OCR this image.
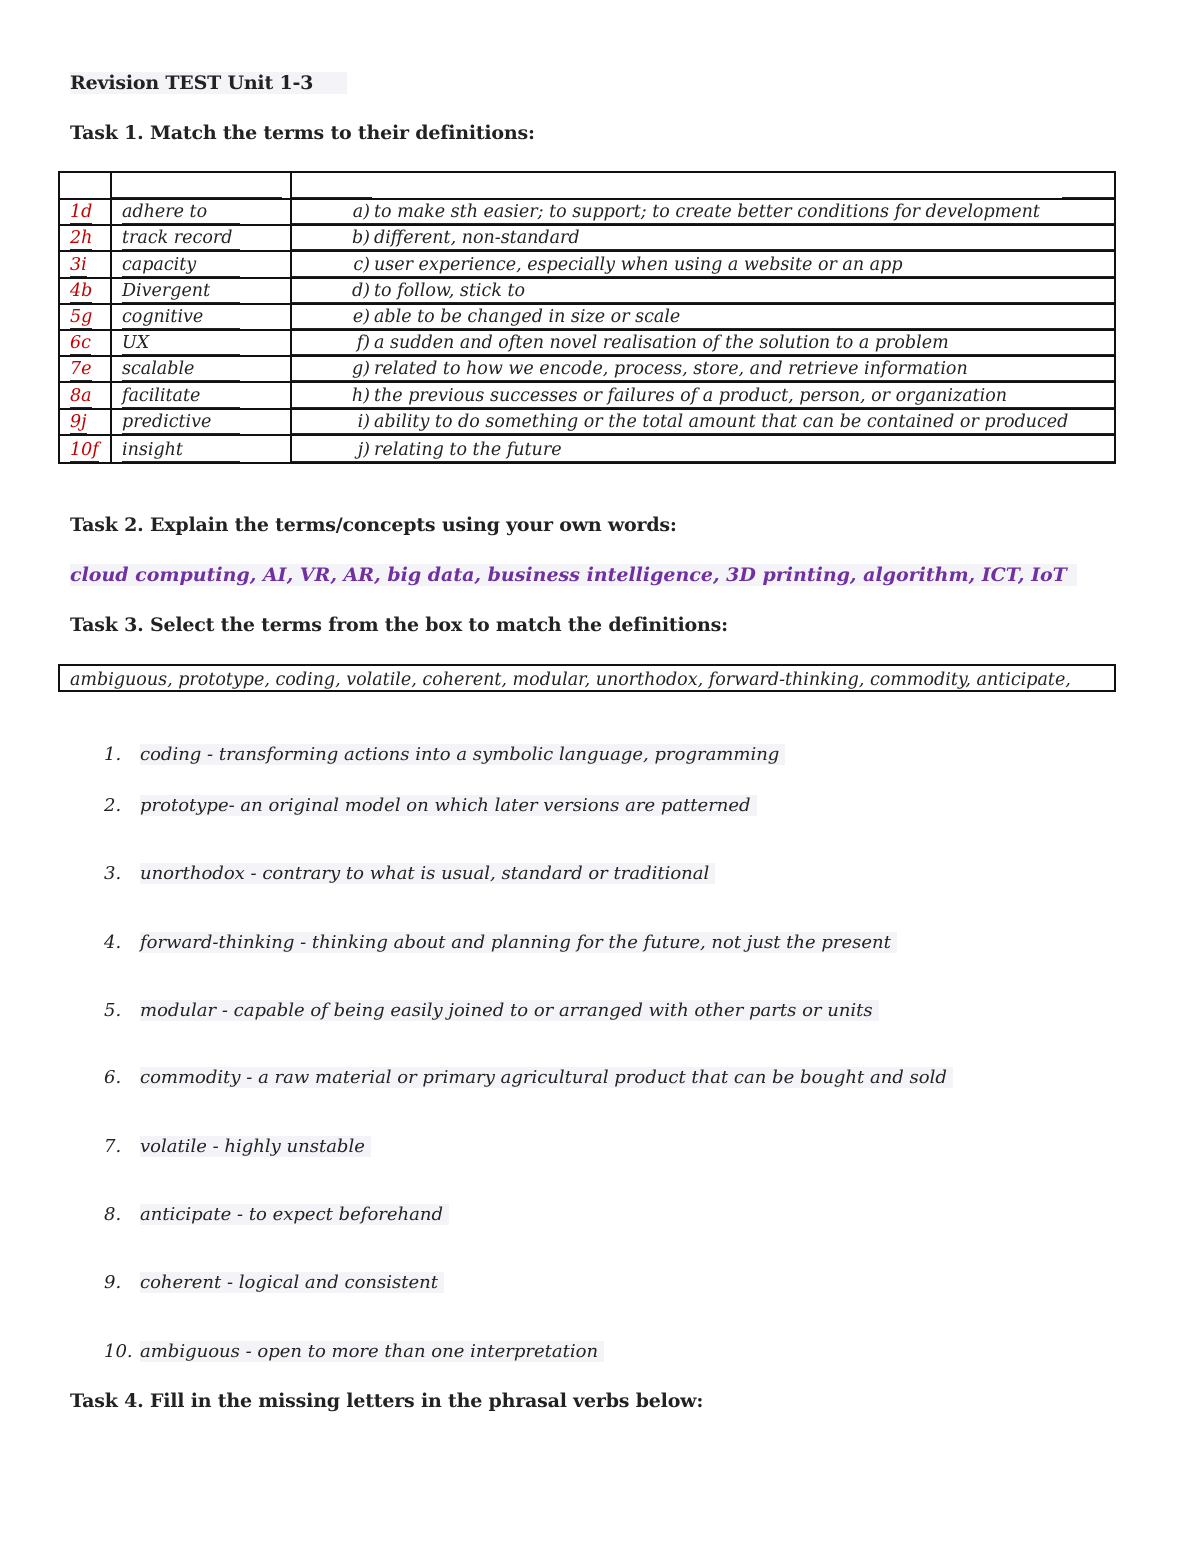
Revision TEST Unit 1-3
Task 1. Match the terms to their definitions:
1d adhere to	a) to make sth easier; to support; to create better conditions for development
2h track record	b) different, non-standard
3i capacity	c) user experience, especially when using a website or an app
4b Divergent	d) to follow, stick to
5g cognitive	e) able to be changed in size or scale
6c UX	f) a sudden and often novel realisation of the solution to a problem
7e scalable	g) related to how we encode, process, store, and retrieve information
8a facilitate	h) the previous successes or failures of a product, person, or organization
9j predictive	i) ability to do something or the total amount that can be contained or produced
10f insight	j) relating to the future
Task 2. Explain the terms/concepts using your own words:
cloud computing, AI, VR, AR, big data, business intelligence, 3D printing, algorithm, ICT, IoT
Task 3. Select the terms from the box to match the definitions:
ambiguous, prototype, coding, volatile, coherent, modular, unorthodox, forward-thinking, commodity, anticipate,
1.	coding - transforming actions into a symbolic language, programming
2.	prototype- an original model on which later versions are patterned
3.	unorthodox - contrary to what is usual, standard or traditional
4.	forward-thinking - thinking about and planning for the future, not just the present
5.	modular - capable of being easily joined to or arranged with other parts or units
6.	commodity - a raw material or primary agricultural product that can be bought and sold
7.	volatile - highly unstable
8.	anticipate - to expect beforehand
9.	coherent - logical and consistent
10. ambiguous - open to more than one interpretation
Task 4. Fill in the missing letters in the phrasal verbs below:
